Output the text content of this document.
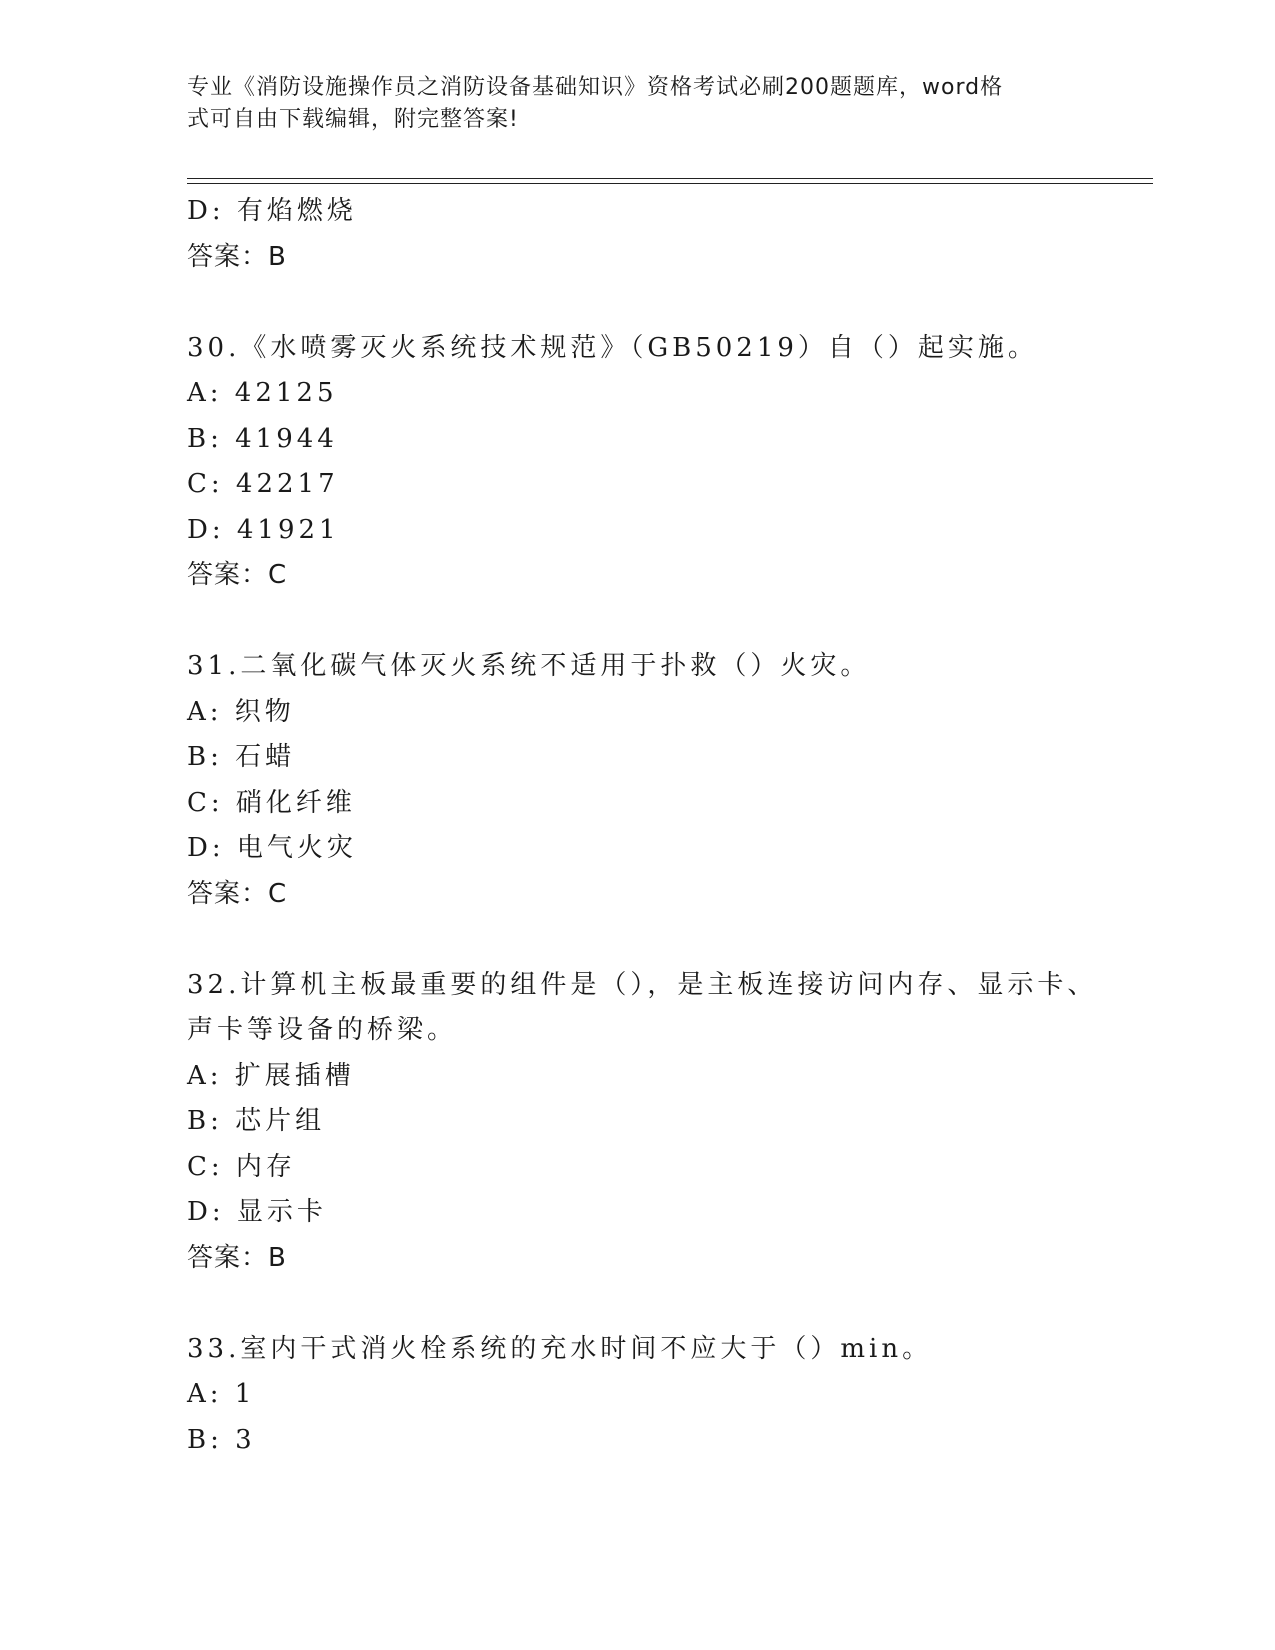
专业《消防设施操作员之消防设备基础知识》资格考试必刷200题题库，word格
式可自由下载编辑，附完整答案!
D: 有焰燃烧
答案：B
30.《水喷雾灭火系统技术规范》（GB50219）自（）起实施。
A: 42125
B: 41944
C: 42217
D: 41921
答案：C
31.二氧化碳气体灭火系统不适用于扑救（）火灾。
A: 织物
B: 石蜡
C: 硝化纤维
D: 电气火灾
答案：C
32.计算机主板最重要的组件是（），是主板连接访问内存、显示卡、
声卡等设备的桥梁。
A: 扩展插槽
B: 芯片组
C: 内存
D: 显示卡
答案：B
33.室内干式消火栓系统的充水时间不应大于（）min。
A: 1
B: 3
